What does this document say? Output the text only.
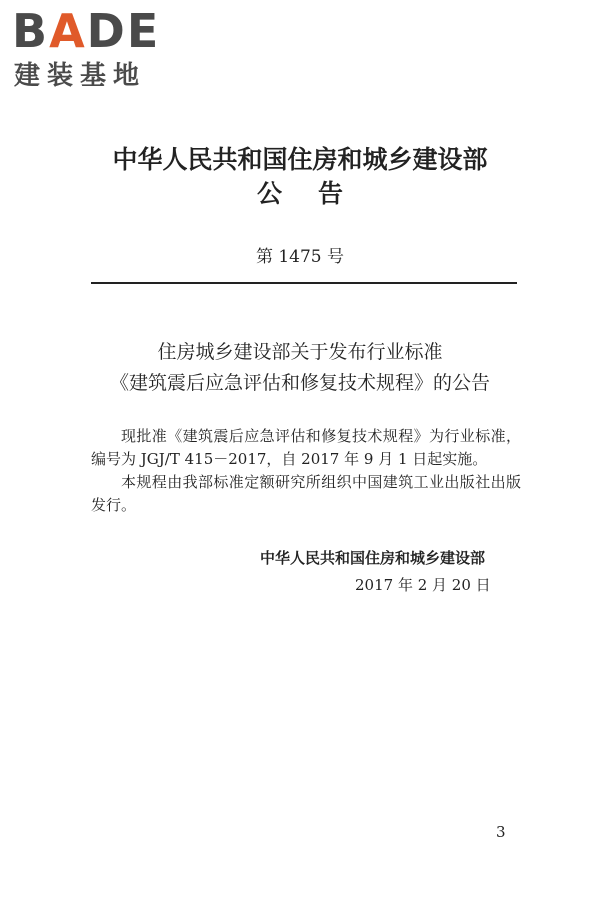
BADE
建装基地
中华人民共和国住房和城乡建设部
公告
第 1475 号
住房城乡建设部关于发布行业标准
《建筑震后应急评估和修复技术规程》的公告

现批准《建筑震后应急评估和修复技术规程》为行业标准，编号为 JGJ/T 415－2017，自 2017 年 9 月 1 日起实施。

本规程由我部标准定额研究所组织中国建筑工业出版社出版发行。

中华人民共和国住房和城乡建设部
2017 年 2 月 20 日
3
